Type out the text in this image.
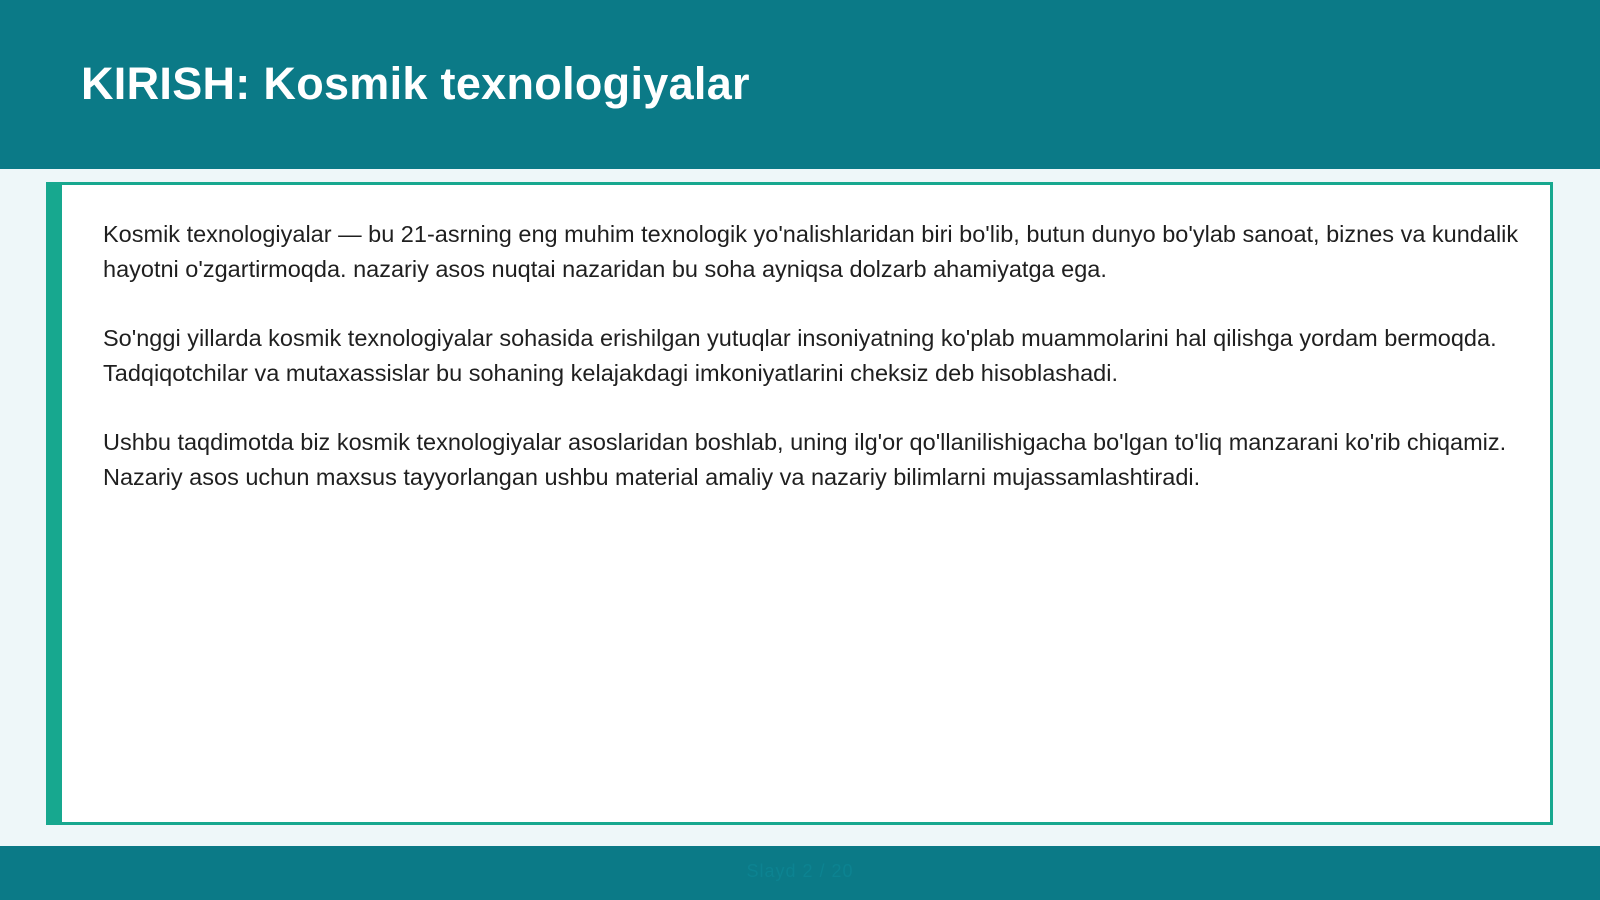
KIRISH: Kosmik texnologiyalar

Kosmik texnologiyalar — bu 21-asrning eng muhim texnologik yo'nalishlaridan biri bo'lib, butun dunyo bo'ylab sanoat, biznes va kundalik hayotni o'zgartirmoqda. nazariy asos nuqtai nazaridan bu soha ayniqsa dolzarb ahamiyatga ega.

So'nggi yillarda kosmik texnologiyalar sohasida erishilgan yutuqlar insoniyatning ko'plab muammolarini hal qilishga yordam bermoqda. Tadqiqotchilar va mutaxassislar bu sohaning kelajakdagi imkoniyatlarini cheksiz deb hisoblashadi.

Ushbu taqdimotda biz kosmik texnologiyalar asoslaridan boshlab, uning ilg'or qo'llanilishigacha bo'lgan to'liq manzarani ko'rib chiqamiz. Nazariy asos uchun maxsus tayyorlangan ushbu material amaliy va nazariy bilimlarni mujassamlashtiradi.

Slayd 2 / 20
